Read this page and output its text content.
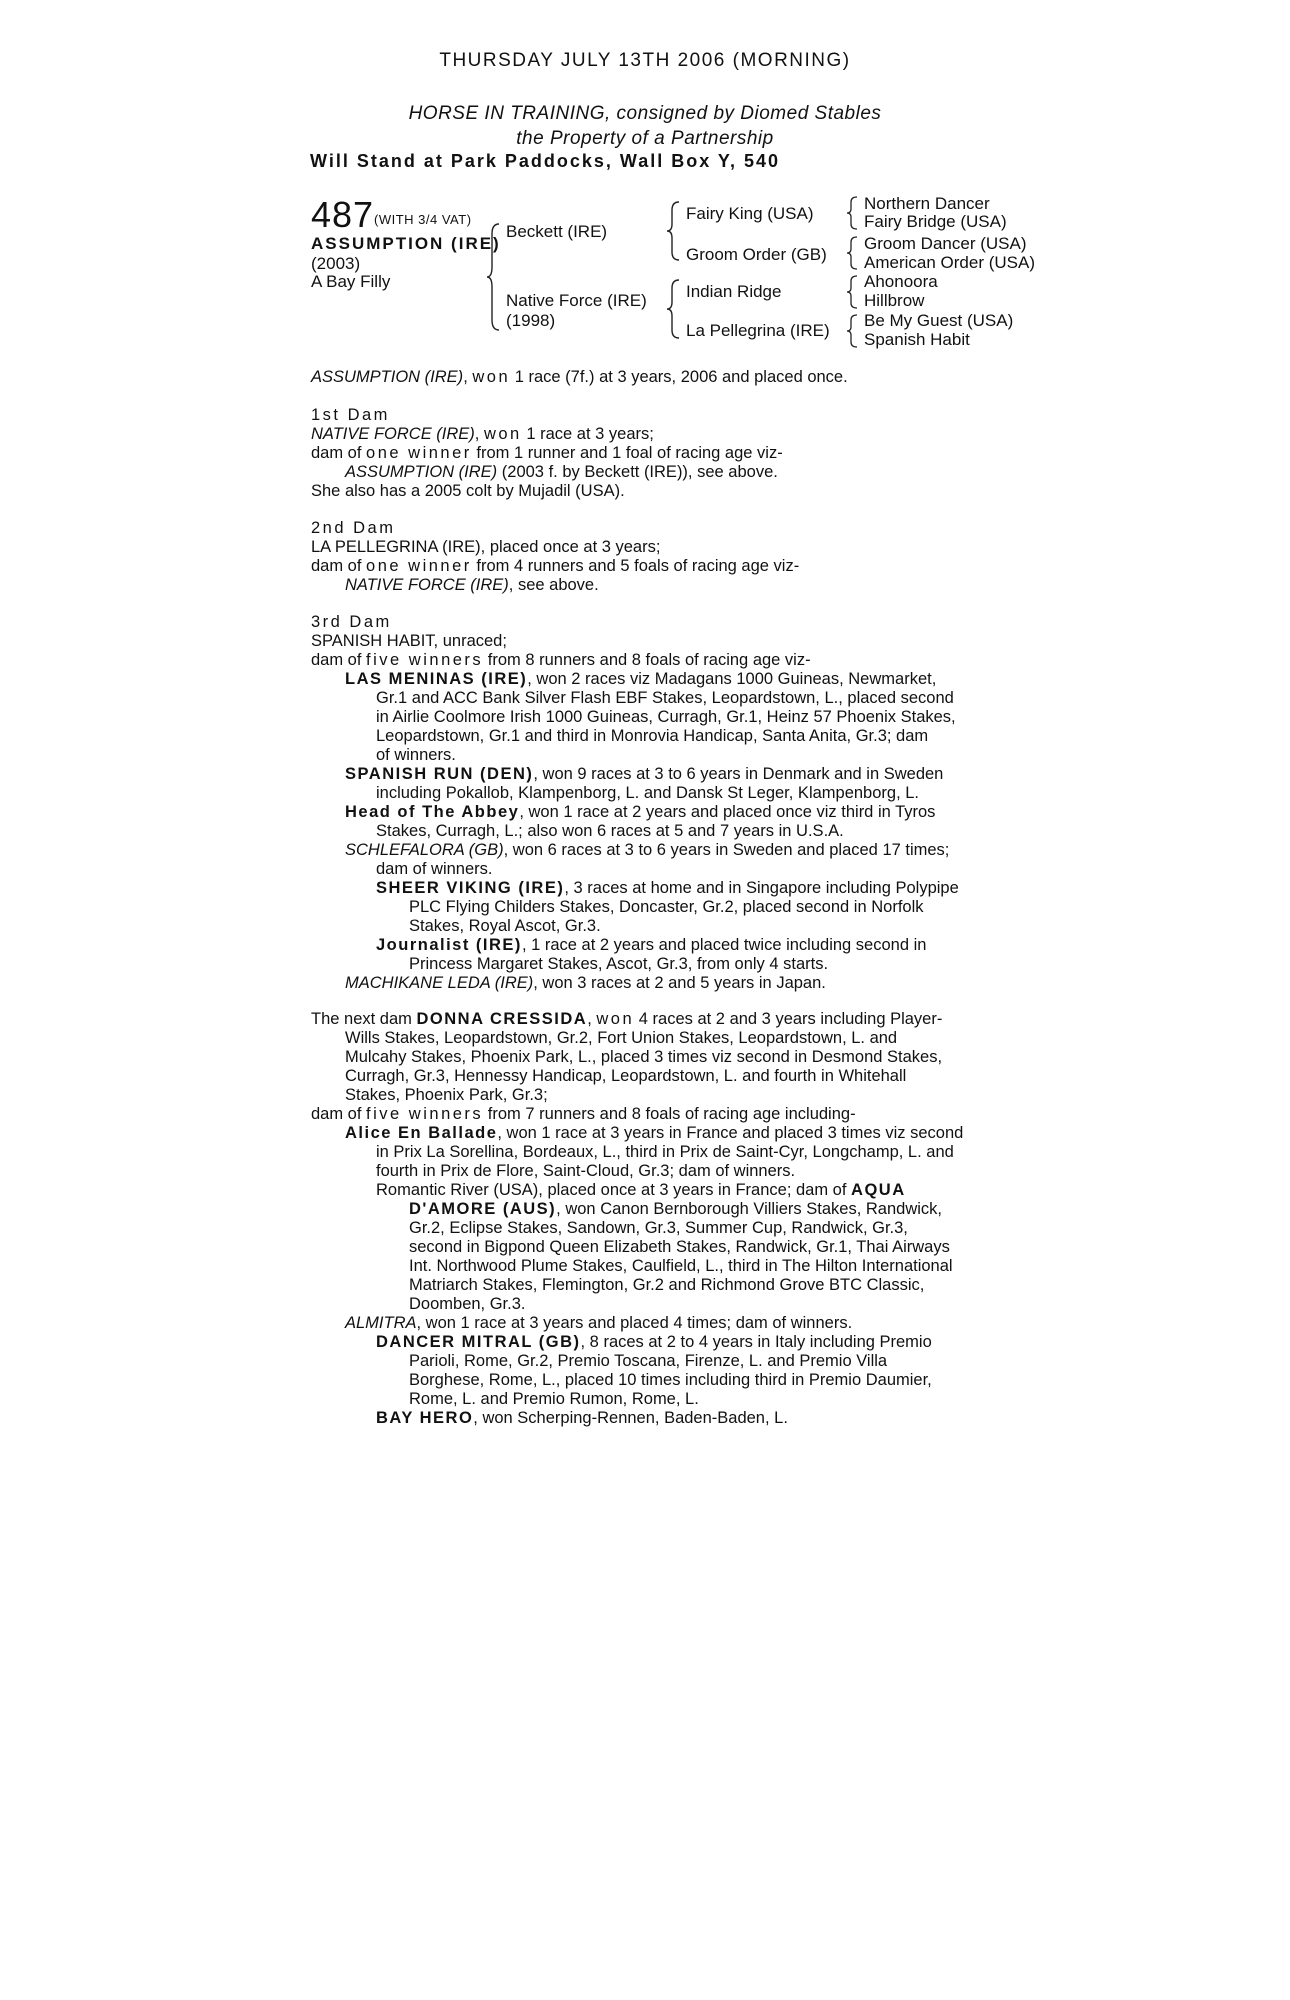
THURSDAY JULY 13TH 2006 (MORNING)
HORSE IN TRAINING, consigned by Diomed Stables
the Property of a Partnership
Will Stand at Park Paddocks, Wall Box Y, 540
487 (WITH 3/4 VAT)
ASSUMPTION (IRE)
(2003)
A Bay Filly
Beckett (IRE)
Native Force (IRE)
(1998)
Fairy King (USA)
Groom Order (GB)
Indian Ridge
La Pellegrina (IRE)
Northern Dancer
Fairy Bridge (USA)
Groom Dancer (USA)
American Order (USA)
Ahonoora
Hillbrow
Be My Guest (USA)
Spanish Habit

ASSUMPTION (IRE), won 1 race (7f.) at 3 years, 2006 and placed once.

1st Dam

NATIVE FORCE (IRE), won 1 race at 3 years;

dam of one winner from 1 runner and 1 foal of racing age viz-

ASSUMPTION (IRE) (2003 f. by Beckett (IRE)), see above.

She also has a 2005 colt by Mujadil (USA).

2nd Dam

LA PELLEGRINA (IRE), placed once at 3 years;

dam of one winner from 4 runners and 5 foals of racing age viz-

NATIVE FORCE (IRE), see above.

3rd Dam

SPANISH HABIT, unraced;

dam of five winners from 8 runners and 8 foals of racing age viz-

LAS MENINAS (IRE), won 2 races viz Madagans 1000 Guineas, Newmarket,

Gr.1 and ACC Bank Silver Flash EBF Stakes, Leopardstown, L., placed second

in Airlie Coolmore Irish 1000 Guineas, Curragh, Gr.1, Heinz 57 Phoenix Stakes,

Leopardstown, Gr.1 and third in Monrovia Handicap, Santa Anita, Gr.3; dam

of winners.

SPANISH RUN (DEN), won 9 races at 3 to 6 years in Denmark and in Sweden

including Pokallob, Klampenborg, L. and Dansk St Leger, Klampenborg, L.

Head of The Abbey, won 1 race at 2 years and placed once viz third in Tyros

Stakes, Curragh, L.; also won 6 races at 5 and 7 years in U.S.A.

SCHLEFALORA (GB), won 6 races at 3 to 6 years in Sweden and placed 17 times;

dam of winners.

SHEER VIKING (IRE), 3 races at home and in Singapore including Polypipe

PLC Flying Childers Stakes, Doncaster, Gr.2, placed second in Norfolk

Stakes, Royal Ascot, Gr.3.

Journalist (IRE), 1 race at 2 years and placed twice including second in

Princess Margaret Stakes, Ascot, Gr.3, from only 4 starts.

MACHIKANE LEDA (IRE), won 3 races at 2 and 5 years in Japan.

The next dam DONNA CRESSIDA, won 4 races at 2 and 3 years including Player-

Wills Stakes, Leopardstown, Gr.2, Fort Union Stakes, Leopardstown, L. and

Mulcahy Stakes, Phoenix Park, L., placed 3 times viz second in Desmond Stakes,

Curragh, Gr.3, Hennessy Handicap, Leopardstown, L. and fourth in Whitehall

Stakes, Phoenix Park, Gr.3;

dam of five winners from 7 runners and 8 foals of racing age including-

Alice En Ballade, won 1 race at 3 years in France and placed 3 times viz second

in Prix La Sorellina, Bordeaux, L., third in Prix de Saint-Cyr, Longchamp, L. and

fourth in Prix de Flore, Saint-Cloud, Gr.3; dam of winners.

Romantic River (USA), placed once at 3 years in France; dam of AQUA

D'AMORE (AUS), won Canon Bernborough Villiers Stakes, Randwick,

Gr.2, Eclipse Stakes, Sandown, Gr.3, Summer Cup, Randwick, Gr.3,

second in Bigpond Queen Elizabeth Stakes, Randwick, Gr.1, Thai Airways

Int. Northwood Plume Stakes, Caulfield, L., third in The Hilton International

Matriarch Stakes, Flemington, Gr.2 and Richmond Grove BTC Classic,

Doomben, Gr.3.

ALMITRA, won 1 race at 3 years and placed 4 times; dam of winners.

DANCER MITRAL (GB), 8 races at 2 to 4 years in Italy including Premio

Parioli, Rome, Gr.2, Premio Toscana, Firenze, L. and Premio Villa

Borghese, Rome, L., placed 10 times including third in Premio Daumier,

Rome, L. and Premio Rumon, Rome, L.

BAY HERO, won Scherping-Rennen, Baden-Baden, L.
